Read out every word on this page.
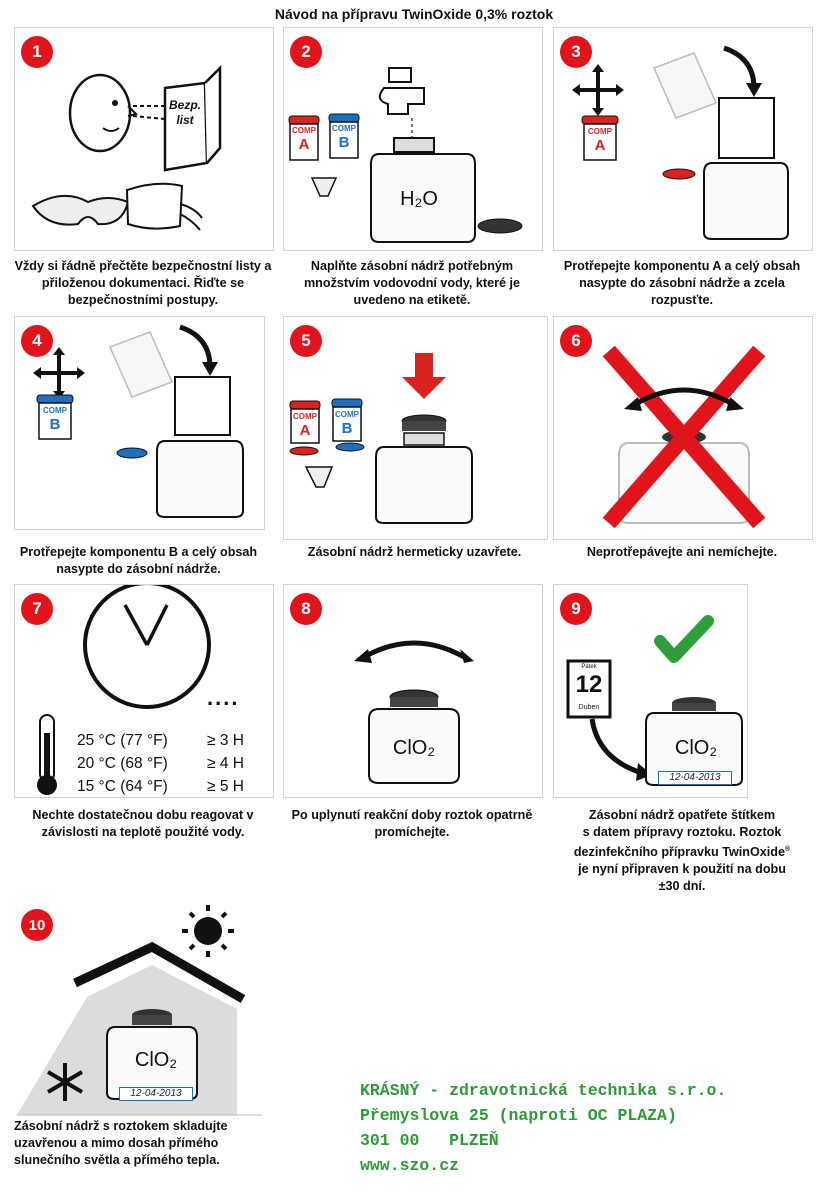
Návod na přípravu TwinOxide 0,3% roztok
1
Bezp. list
Vždy si řádně přečtěte bezpečnostní listy a přiloženou dokumentaci. Řiďte se bezpečnostními postupy.
2
COMP
A
COMP
B
H₂O
Naplňte zásobní nádrž potřebným množstvím vodovodní vody, které je uvedeno na etiketě.
3
COMP
A
Protřepejte komponentu A a celý obsah nasypte do zásobní nádrže a zcela rozpusťte.
4
COMP
B
Protřepejte komponentu B a celý obsah nasypte do zásobní nádrže.
5
COMP
A
COMP
B
Zásobní nádrž hermeticky uzavřete.
6
Neprotřepávejte ani nemíchejte.
7
....
25 °C (77 °F)	≥ 3 H
20 °C (68 °F)	≥ 4 H
15 °C (64 °F)	≥ 5 H
Nechte dostatečnou dobu reagovat v závislosti na teplotě použité vody.
8
ClO₂
Po uplynutí reakční doby roztok opatrně promíchejte.
9
Pátek
12
Duben
ClO₂
12-04-2013
Zásobní nádrž opatřete štítkem
s datem přípravy roztoku. Roztok
dezinfekčního přípravku TwinOxide®
je nyní připraven k použití na dobu
±30 dní.
10
ClO₂
12-04-2013
Zásobní nádrž s roztokem skladujte uzavřenou a mimo dosah přímého slunečního světla a přímého tepla.
KRÁSNÝ - zdravotnická technika s.r.o.
Přemyslova 25 (naproti OC PLAZA)
301 00   PLZEŇ
www.szo.cz
